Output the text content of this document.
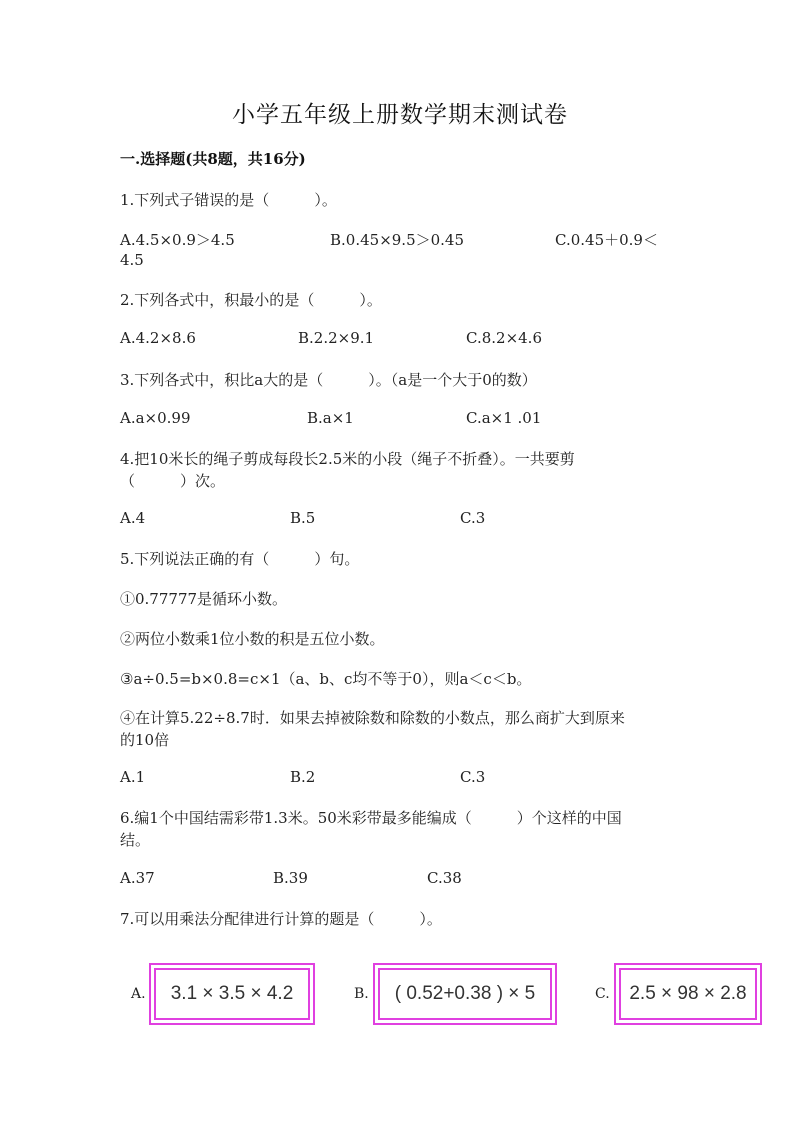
小学五年级上册数学期末测试卷
一.选择题(共8题，共16分)
1.下列式子错误的是（　　　）。
A.4.5×0.9＞4.5	B.0.45×9.5＞0.45	C.0.45＋0.9＜
4.5
2.下列各式中，积最小的是（　　　）。
A.4.2×8.6	B.2.2×9.1	C.8.2×4.6
3.下列各式中，积比a大的是（　　　）。（a是一个大于0的数）
A.a×0.99	B.a×1	C.a×1 .01
4.把10米长的绳子剪成每段长2.5米的小段（绳子不折叠）。一共要剪
（　　　）次。
A.4	B.5	C.3
5.下列说法正确的有（　　　）句。
①0.77777是循环小数。
②两位小数乘1位小数的积是五位小数。
③a÷0.5=b×0.8=c×1（a、b、c均不等于0），则a＜c＜b。
④在计算5.22÷8.7时．如果去掉被除数和除数的小数点，那么商扩大到原来
的10倍
A.1	B.2	C.3
6.编1个中国结需彩带1.3米。50米彩带最多能编成（　　　）个这样的中国
结。
A.37	B.39	C.38
7.可以用乘法分配律进行计算的题是（　　　）。
A.	3.1 × 3.5 × 4.2	B.	( 0.52+0.38 ) × 5	C.	2.5 × 98 × 2.8
